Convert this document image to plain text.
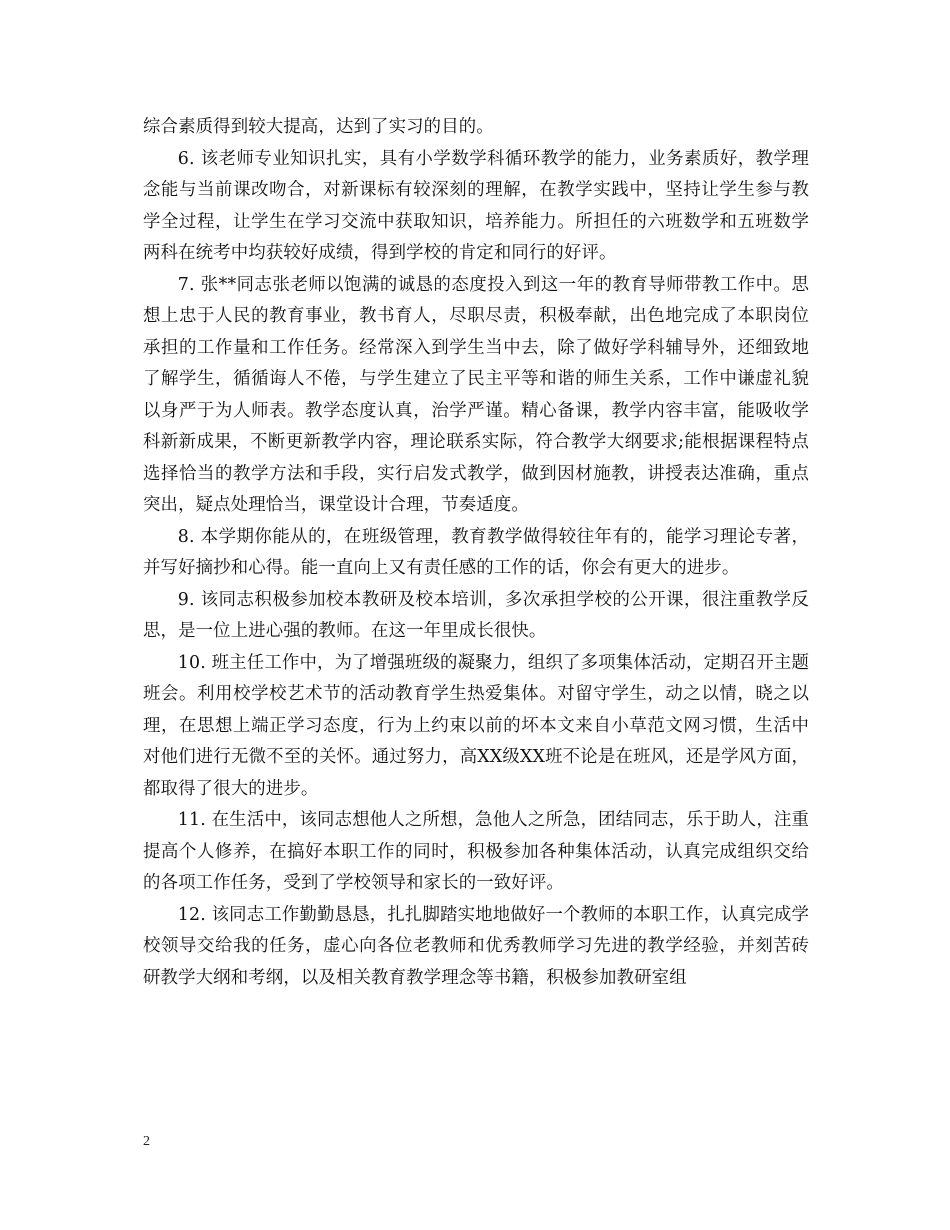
综合素质得到较大提高，达到了实习的目的。

6. 该老师专业知识扎实，具有小学数学科循环教学的能力，业务素质好，教学理念能与当前课改吻合，对新课标有较深刻的理解，在教学实践中，坚持让学生参与教学全过程，让学生在学习交流中获取知识，培养能力。所担任的六班数学和五班数学两科在统考中均获较好成绩，得到学校的肯定和同行的好评。

7. 张**同志张老师以饱满的诚恳的态度投入到这一年的教育导师带教工作中。思想上忠于人民的教育事业，教书育人，尽职尽责，积极奉献，出色地完成了本职岗位承担的工作量和工作任务。经常深入到学生当中去，除了做好学科辅导外，还细致地了解学生，循循诲人不倦，与学生建立了民主平等和谐的师生关系，工作中谦虚礼貌以身严于为人师表。教学态度认真，治学严谨。精心备课，教学内容丰富，能吸收学科新新成果，不断更新教学内容，理论联系实际，符合教学大纲要求;能根据课程特点选择恰当的教学方法和手段，实行启发式教学，做到因材施教，讲授表达准确，重点突出，疑点处理恰当，课堂设计合理，节奏适度。

8. 本学期你能从的，在班级管理，教育教学做得较往年有的，能学习理论专著，并写好摘抄和心得。能一直向上又有责任感的工作的话，你会有更大的进步。

9. 该同志积极参加校本教研及校本培训，多次承担学校的公开课，很注重教学反思，是一位上进心强的教师。在这一年里成长很快。

10. 班主任工作中，为了增强班级的凝聚力，组织了多项集体活动，定期召开主题班会。利用校学校艺术节的活动教育学生热爱集体。对留守学生，动之以情，晓之以理，在思想上端正学习态度，行为上约束以前的坏本文来自小草范文网习惯，生活中对他们进行无微不至的关怀。通过努力，高XX级XX班不论是在班风，还是学风方面，都取得了很大的进步。

11. 在生活中，该同志想他人之所想，急他人之所急，团结同志，乐于助人，注重提高个人修养，在搞好本职工作的同时，积极参加各种集体活动，认真完成组织交给的各项工作任务，受到了学校领导和家长的一致好评。

12. 该同志工作勤勤恳恳，扎扎脚踏实地地做好一个教师的本职工作，认真完成学校领导交给我的任务，虚心向各位老教师和优秀教师学习先进的教学经验，并刻苦砖研教学大纲和考纲，以及相关教育教学理念等书籍，积极参加教研室组

2
